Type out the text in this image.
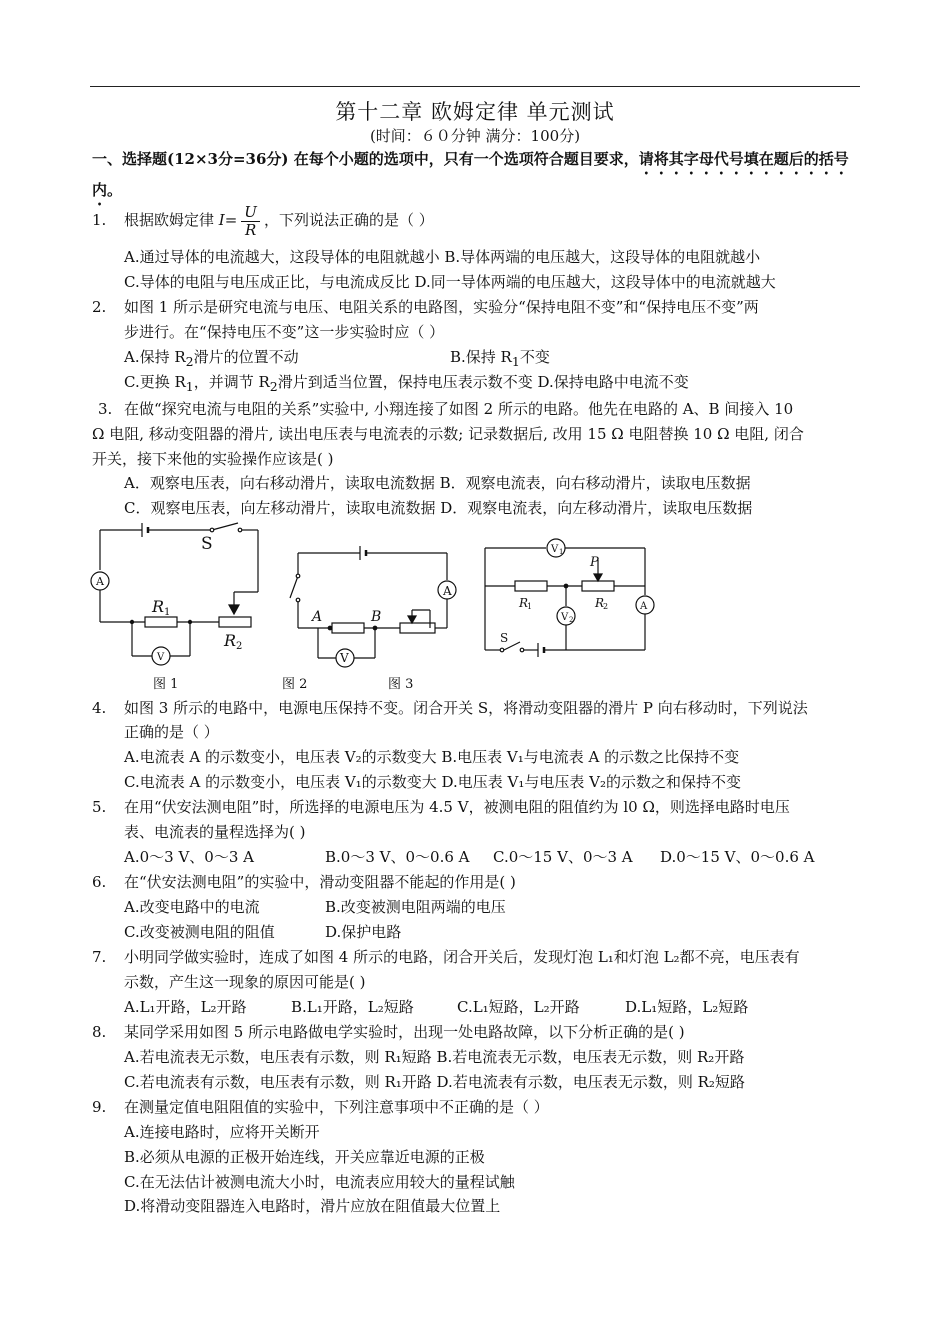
第十二章 欧姆定律 单元测试
(时间：６０分钟 满分：100分)
一、选择题(12×3分=36分) 在每个小题的选项中，只有一个选项符合题目要求，请将其字母代号填在题后的括号内。
1. 根据欧姆定律 $I= \frac{U}{R}$ ，下列说法正确的是（ ）
A.通过导体的电流越大，这段导体的电阻就越小 B.导体两端的电压越大，这段导体的电阻就越小
C.导体的电阻与电压成正比，与电流成反比 D.同一导体两端的电压越大，这段导体中的电流就越大
2. 如图 1 所示是研究电流与电压、电阻关系的电路图，实验分“保持电阻不变”和“保持电压不变”两
步进行。在“保持电压不变”这一步实验时应（ ）
A.保持 $R_2$滑片的位置不动	B.保持 $R_1$不变
C.更换 $R_1$，并调节 $R_2$滑片到适当位置，保持电压表示数不变 D.保持电路中电流不变
3. 在做“探究电流与电阻的关系”实验中, 小翔连接了如图 2 所示的电路。他先在电路的 A、B 间接入 10
Ω 电阻, 移动变阻器的滑片, 读出电压表与电流表的示数; 记录数据后, 改用 15 Ω 电阻替换 10 Ω 电阻, 闭合
开关，接下来他的实验操作应该是( )
A．观察电压表，向右移动滑片，读取电流数据 B．观察电流表，向右移动滑片，读取电压数据
C．观察电压表，向左移动滑片，读取电流数据 D．观察电流表，向左移动滑片，读取电压数据
S
A
R 1
R 2
V
A
A	B
V
V 1
P
R
1	R
2	A
V 2
S
图 1	图 2	图 3
4. 如图 3 所示的电路中，电源电压保持不变。闭合开关 S，将滑动变阻器的滑片 P 向右移动时，下列说法
正确的是（ ）
A.电流表 A 的示数变小，电压表 V₂的示数变大 B.电压表 V₁与电流表 A 的示数之比保持不变
C.电流表 A 的示数变小，电压表 V₁的示数变大 D.电压表 V₁与电压表 V₂的示数之和保持不变
5. 在用“伏安法测电阻”时，所选择的电源电压为 4.5 V，被测电阻的阻值约为 l0 Ω，则选择电路时电压
表、电流表的量程选择为( )
A.0～3 V、0～3 A	B.0～3 V、0～0.6 A C.0～15 V、0～3 A D.0～15 V、0～0.6 A
6. 在“伏安法测电阻”的实验中，滑动变阻器不能起的作用是( )
A.改变电路中的电流	B.改变被测电阻两端的电压
C.改变被测电阻的阻值	D.保护电路
7. 小明同学做实验时，连成了如图 4 所示的电路，闭合开关后，发现灯泡 L₁和灯泡 L₂都不亮，电压表有
示数，产生这一现象的原因可能是( )
A.L₁开路，L₂开路	B.L₁开路，L₂短路	C.L₁短路，L₂开路	D.L₁短路，L₂短路
8. 某同学采用如图 5 所示电路做电学实验时，出现一处电路故障，以下分析正确的是( )
A.若电流表无示数，电压表有示数，则 R₁短路 B.若电流表无示数，电压表无示数，则 R₂开路
C.若电流表有示数，电压表有示数，则 R₁开路 D.若电流表有示数，电压表无示数，则 R₂短路
9. 在测量定值电阻阻值的实验中，下列注意事项中不正确的是（ ）
A.连接电路时，应将开关断开
B.必须从电源的正极开始连线，开关应靠近电源的正极
C.在无法估计被测电流大小时，电流表应用较大的量程试触
D.将滑动变阻器连入电路时，滑片应放在阻值最大位置上
